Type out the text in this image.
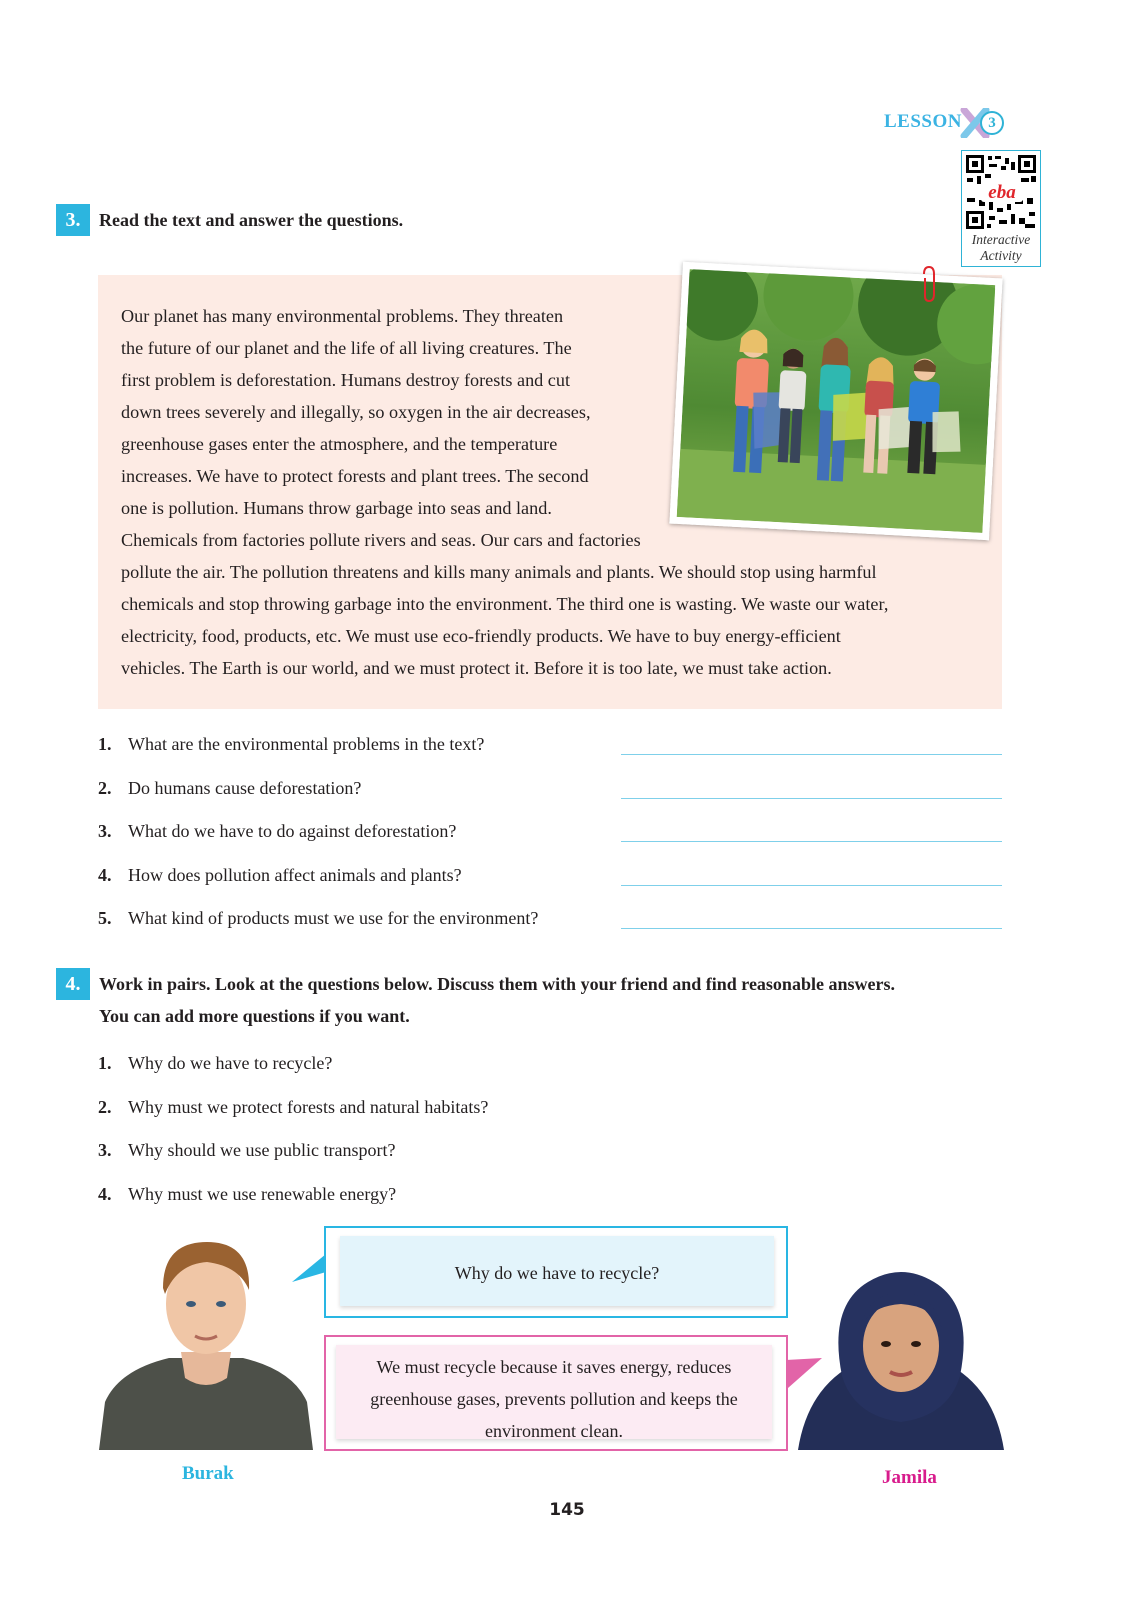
LESSON	3
eba
Interactive
Activity
3.	Read the text and answer the questions.
Our planet has many environmental problems. They threaten
the future of our planet and the life of all living creatures. The
first problem is deforestation. Humans destroy forests and cut
down trees severely and illegally, so oxygen in the air decreases,
greenhouse gases enter the atmosphere, and the temperature
increases. We have to protect forests and plant trees. The second
one is pollution. Humans throw garbage into seas and land.
Chemicals from factories pollute rivers and seas. Our cars and factories
pollute the air. The pollution threatens and kills many animals and plants. We should stop using harmful
chemicals and stop throwing garbage into the environment. The third one is wasting. We waste our water,
electricity, food, products, etc. We must use eco-friendly products. We have to buy energy-efficient
vehicles. The Earth is our world, and we must protect it. Before it is too late, we must take action.
1. What are the environmental problems in the text?
2. Do humans cause deforestation?
3. What do we have to do against deforestation?
4. How does pollution affect animals and plants?
5. What kind of products must we use for the environment?
4.	Work in pairs. Look at the questions below. Discuss them with your friend and find reasonable answers.
You can add more questions if you want.
1. Why do we have to recycle?
2. Why must we protect forests and natural habitats?
3. Why should we use public transport?
4. Why must we use renewable energy?
Burak
Why do we have to recycle?
We must recycle because it saves energy, reduces
greenhouse gases, prevents pollution and keeps the
environment clean.
Jamila
145
